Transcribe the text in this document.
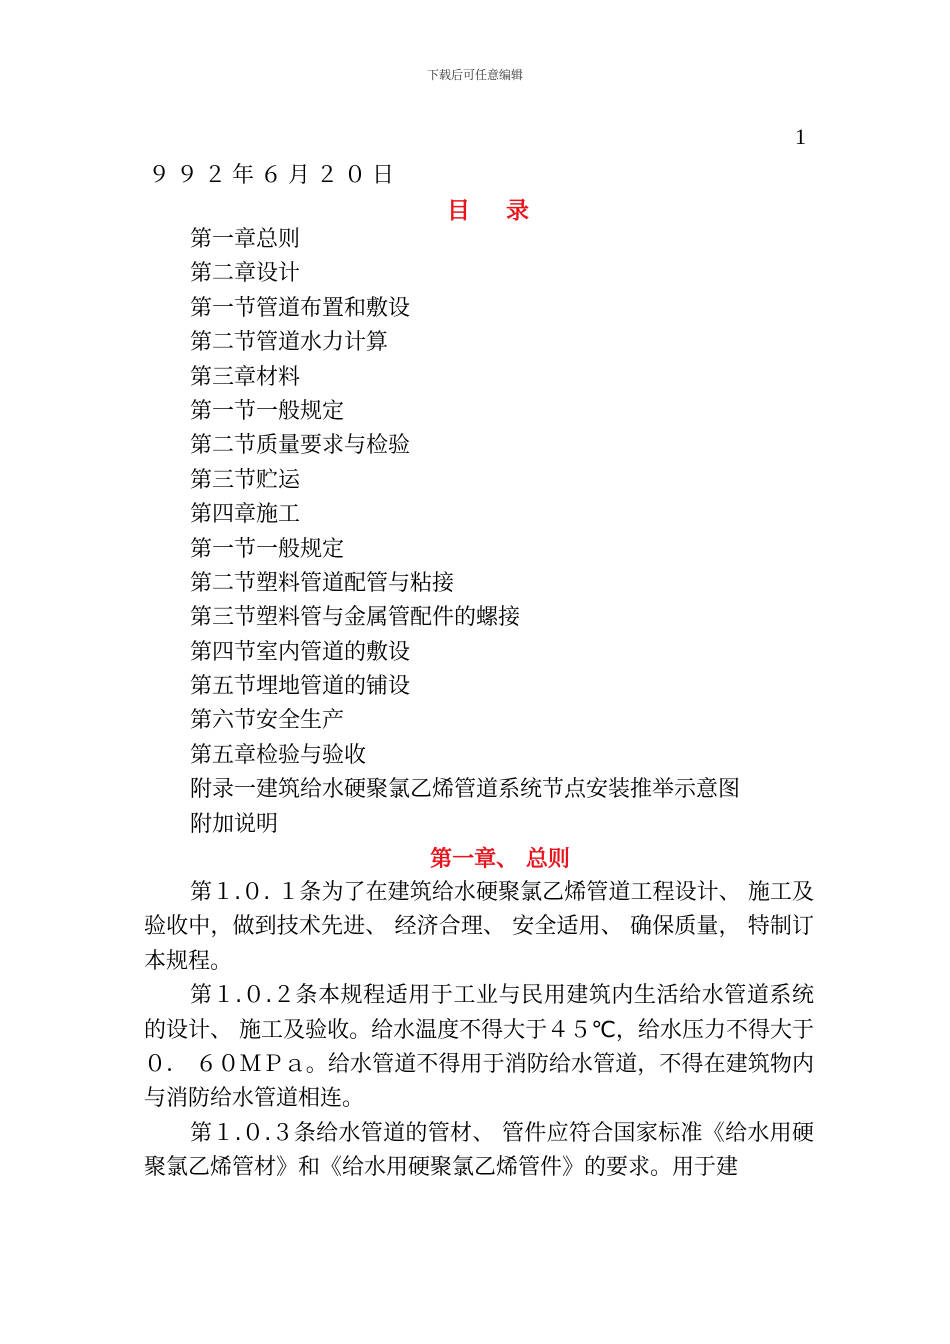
下载后可任意编辑
1
９９２年６月２０日
目 录
第一章总则
第二章设计
第一节管道布置和敷设
第二节管道水力计算
第三章材料
第一节一般规定
第二节质量要求与检验
第三节贮运
第四章施工
第一节一般规定
第二节塑料管道配管与粘接
第三节塑料管与金属管配件的螺接
第四节室内管道的敷设
第五节埋地管道的铺设
第六节安全生产
第五章检验与验收
附录一建筑给水硬聚氯乙烯管道系统节点安装推举示意图
附加说明
第一章、 总则

第１.０. １条为了在建筑给水硬聚氯乙烯管道工程设计、 施工及验收中，做到技术先进、 经济合理、 安全适用、 确保质量， 特制订本规程。

第１.０.２条本规程适用于工业与民用建筑内生活给水管道系统的设计、 施工及验收。给水温度不得大于４５℃，给水压力不得大于０． ６０ＭＰａ。给水管道不得用于消防给水管道，不得在建筑物内与消防给水管道相连。

第１.０.３条给水管道的管材、 管件应符合国家标准《给水用硬聚氯乙烯管材》和《给水用硬聚氯乙烯管件》的要求。用于建
